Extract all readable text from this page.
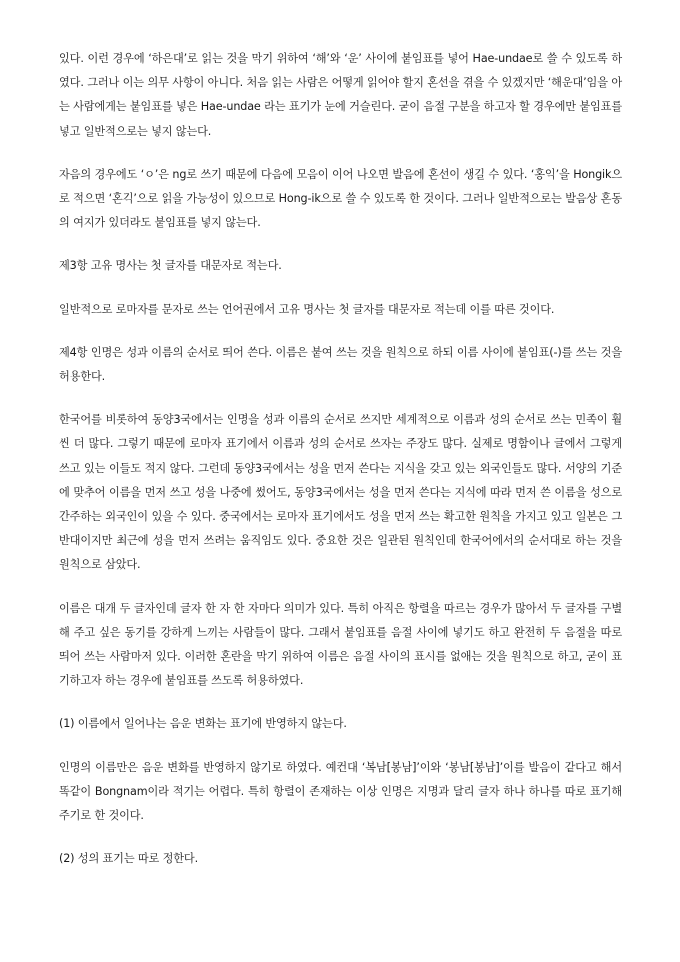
있다. 이런 경우에 ‘하은대’로 읽는 것을 막기 위하여 ‘해’와 ‘운’ 사이에 붙임표를 넣어 Hae-undae로 쓸 수 있도록 하였다. 그러나 이는 의무 사항이 아니다. 처음 읽는 사람은 어떻게 읽어야 할지 혼선을 겪을 수 있겠지만 ‘해운대’임을 아는 사람에게는 붙임표를 넣은 Hae-undae 라는 표기가 눈에 거슬린다. 굳이 음절 구분을 하고자 할 경우에만 붙임표를 넣고 일반적으로는 넣지 않는다.

자음의 경우에도 ‘ㅇ’은 ng로 쓰기 때문에 다음에 모음이 이어 나오면 발음에 혼선이 생길 수 있다. ‘홍익’을 Hongik으로 적으면 ‘혼긱’으로 읽을 가능성이 있으므로 Hong-ik으로 쓸 수 있도록 한 것이다. 그러나 일반적으로는 발음상 혼동의 여지가 있더라도 붙임표를 넣지 않는다.

제3항 고유 명사는 첫 글자를 대문자로 적는다.

일반적으로 로마자를 문자로 쓰는 언어권에서 고유 명사는 첫 글자를 대문자로 적는데 이를 따른 것이다.

제4항 인명은 성과 이름의 순서로 띄어 쓴다. 이름은 붙여 쓰는 것을 원칙으로 하되 이름 사이에 붙임표(-)를 쓰는 것을 허용한다.

한국어를 비롯하여 동양3국에서는 인명을 성과 이름의 순서로 쓰지만 세계적으로 이름과 성의 순서로 쓰는 민족이 훨씬 더 많다. 그렇기 때문에 로마자 표기에서 이름과 성의 순서로 쓰자는 주장도 많다. 실제로 명함이나 글에서 그렇게 쓰고 있는 이들도 적지 않다. 그런데 동양3국에서는 성을 먼저 쓴다는 지식을 갖고 있는 외국인들도 많다. 서양의 기준에 맞추어 이름을 먼저 쓰고 성을 나중에 썼어도, 동양3국에서는 성을 먼저 쓴다는 지식에 따라 먼저 쓴 이름을 성으로 간주하는 외국인이 있을 수 있다. 중국에서는 로마자 표기에서도 성을 먼저 쓰는 확고한 원칙을 가지고 있고 일본은 그 반대이지만 최근에 성을 먼저 쓰려는 움직임도 있다. 중요한 것은 일관된 원칙인데 한국어에서의 순서대로 하는 것을 원칙으로 삼았다.

이름은 대개 두 글자인데 글자 한 자 한 자마다 의미가 있다. 특히 아직은 항렬을 따르는 경우가 많아서 두 글자를 구별해 주고 싶은 동기를 강하게 느끼는 사람들이 많다. 그래서 붙임표를 음절 사이에 넣기도 하고 완전히 두 음절을 따로 띄어 쓰는 사람마저 있다. 이러한 혼란을 막기 위하여 이름은 음절 사이의 표시를 없애는 것을 원칙으로 하고, 굳이 표기하고자 하는 경우에 붙임표를 쓰도록 허용하였다.

(1) 이름에서 일어나는 음운 변화는 표기에 반영하지 않는다.

인명의 이름만은 음운 변화를 반영하지 않기로 하였다. 예컨대 ‘복남[봉남]’이와 ‘봉남[봉남]’이를 발음이 같다고 해서 똑같이 Bongnam이라 적기는 어렵다. 특히 항렬이 존재하는 이상 인명은 지명과 달리 글자 하나 하나를 따로 표기해 주기로 한 것이다.

(2) 성의 표기는 따로 정한다.
